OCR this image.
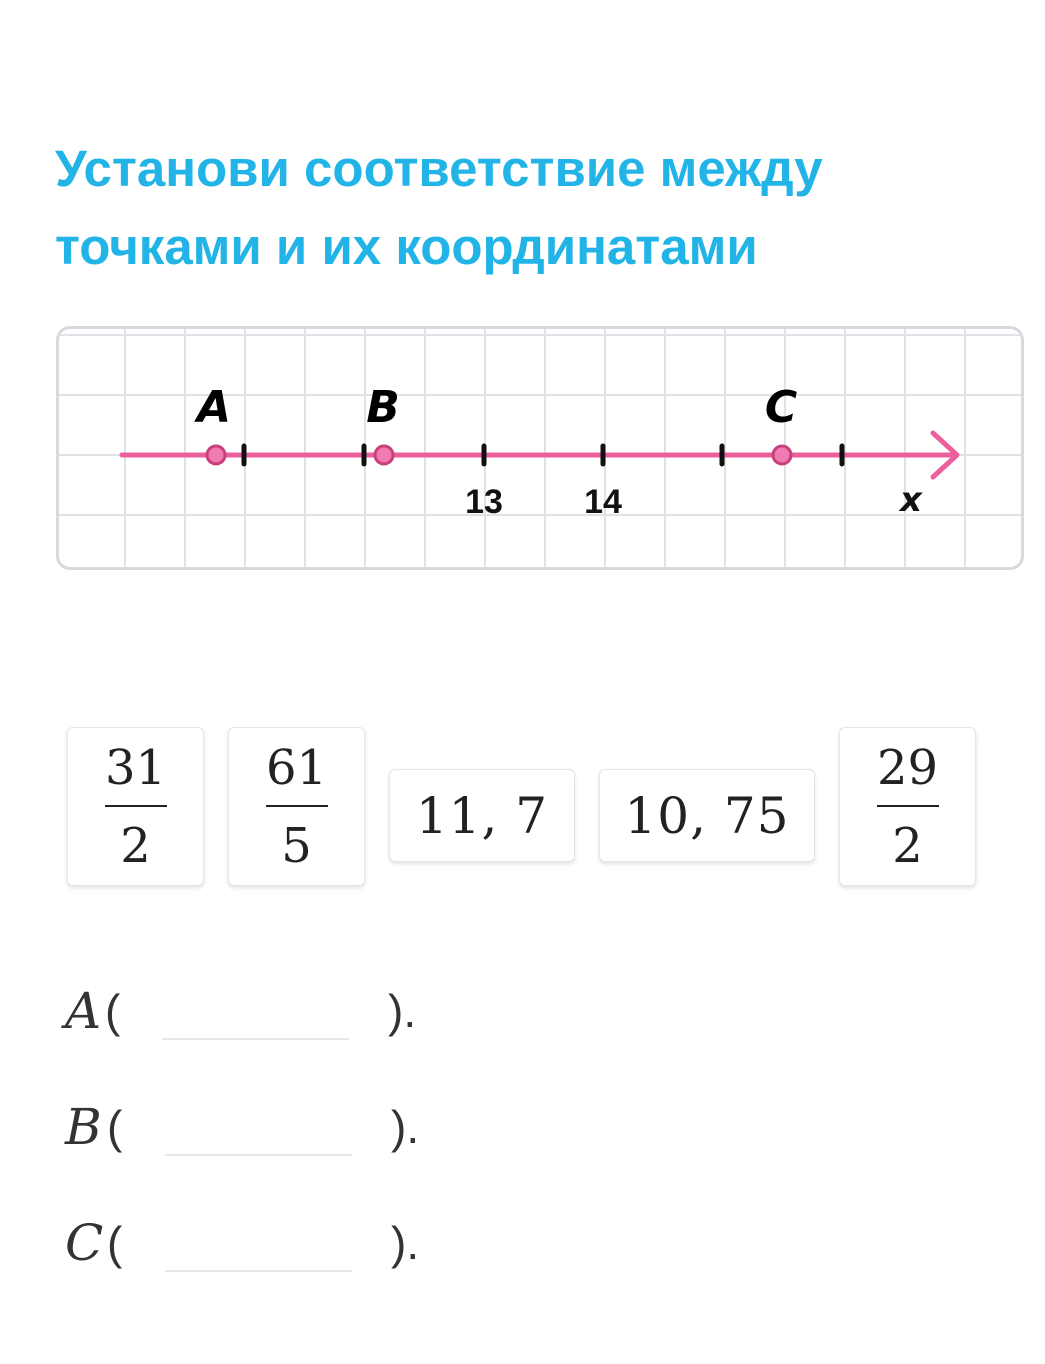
Установи соответствие между
точками и их координатами
13 14	x
A	B	C
$\frac{31}{2} \frac{61}{5} 11$, 7 10, $75 \frac{29}{2}$
A (	).
B (	).
C (	).
